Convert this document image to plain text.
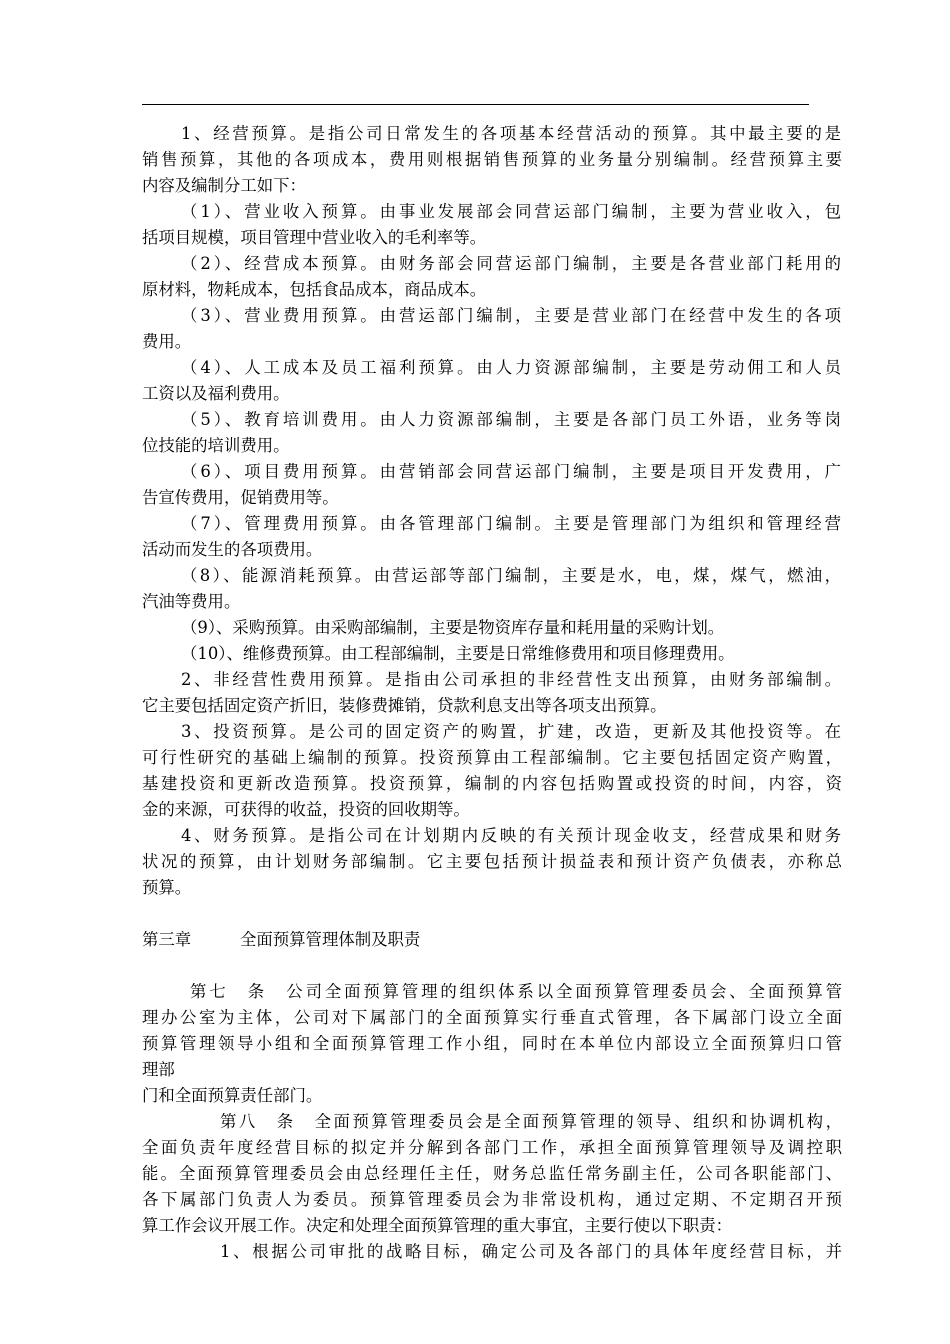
1、经营预算。是指公司日常发生的各项基本经营活动的预算。其中最主要的是
销售预算，其他的各项成本，费用则根据销售预算的业务量分别编制。经营预算主要
内容及编制分工如下：
（1）、营业收入预算。由事业发展部会同营运部门编制，主要为营业收入，包
括项目规模，项目管理中营业收入的毛利率等。
（2）、经营成本预算。由财务部会同营运部门编制，主要是各营业部门耗用的
原材料，物耗成本，包括食品成本，商品成本。
（3）、营业费用预算。由营运部门编制，主要是营业部门在经营中发生的各项
费用。
（4）、人工成本及员工福利预算。由人力资源部编制，主要是劳动佣工和人员
工资以及福利费用。
（5）、教育培训费用。由人力资源部编制，主要是各部门员工外语，业务等岗
位技能的培训费用。
（6）、项目费用预算。由营销部会同营运部门编制，主要是项目开发费用，广
告宣传费用，促销费用等。
（7）、管理费用预算。由各管理部门编制。主要是管理部门为组织和管理经营
活动而发生的各项费用。
（8）、能源消耗预算。由营运部等部门编制，主要是水，电，煤，煤气，燃油，
汽油等费用。
（9）、采购预算。由采购部编制，主要是物资库存量和耗用量的采购计划。
（10）、维修费预算。由工程部编制，主要是日常维修费用和项目修理费用。
2、非经营性费用预算。是指由公司承担的非经营性支出预算，由财务部编制。
它主要包括固定资产折旧，装修费摊销，贷款利息支出等各项支出预算。
3、投资预算。是公司的固定资产的购置，扩建，改造，更新及其他投资等。在
可行性研究的基础上编制的预算。投资预算由工程部编制。它主要包括固定资产购置，
基建投资和更新改造预算。投资预算，编制的内容包括购置或投资的时间，内容，资
金的来源，可获得的收益，投资的回收期等。
4、财务预算。是指公司在计划期内反映的有关预计现金收支，经营成果和财务
状况的预算，由计划财务部编制。它主要包括预计损益表和预计资产负债表，亦称总
预算。
第三章	全面预算管理体制及职责
第七　条　公司全面预算管理的组织体系以全面预算管理委员会、全面预算管
理办公室为主体，公司对下属部门的全面预算实行垂直式管理，各下属部门设立全面
预算管理领导小组和全面预算管理工作小组，同时在本单位内部设立全面预算归口管
理部
门和全面预算责任部门。
第八　条　全面预算管理委员会是全面预算管理的领导、组织和协调机构，
全面负责年度经营目标的拟定并分解到各部门工作，承担全面预算管理领导及调控职
能。全面预算管理委员会由总经理任主任，财务总监任常务副主任，公司各职能部门、
各下属部门负责人为委员。预算管理委员会为非常设机构，通过定期、不定期召开预
算工作会议开展工作。决定和处理全面预算管理的重大事宜，主要行使以下职责：
1、根据公司审批的战略目标，确定公司及各部门的具体年度经营目标，并
